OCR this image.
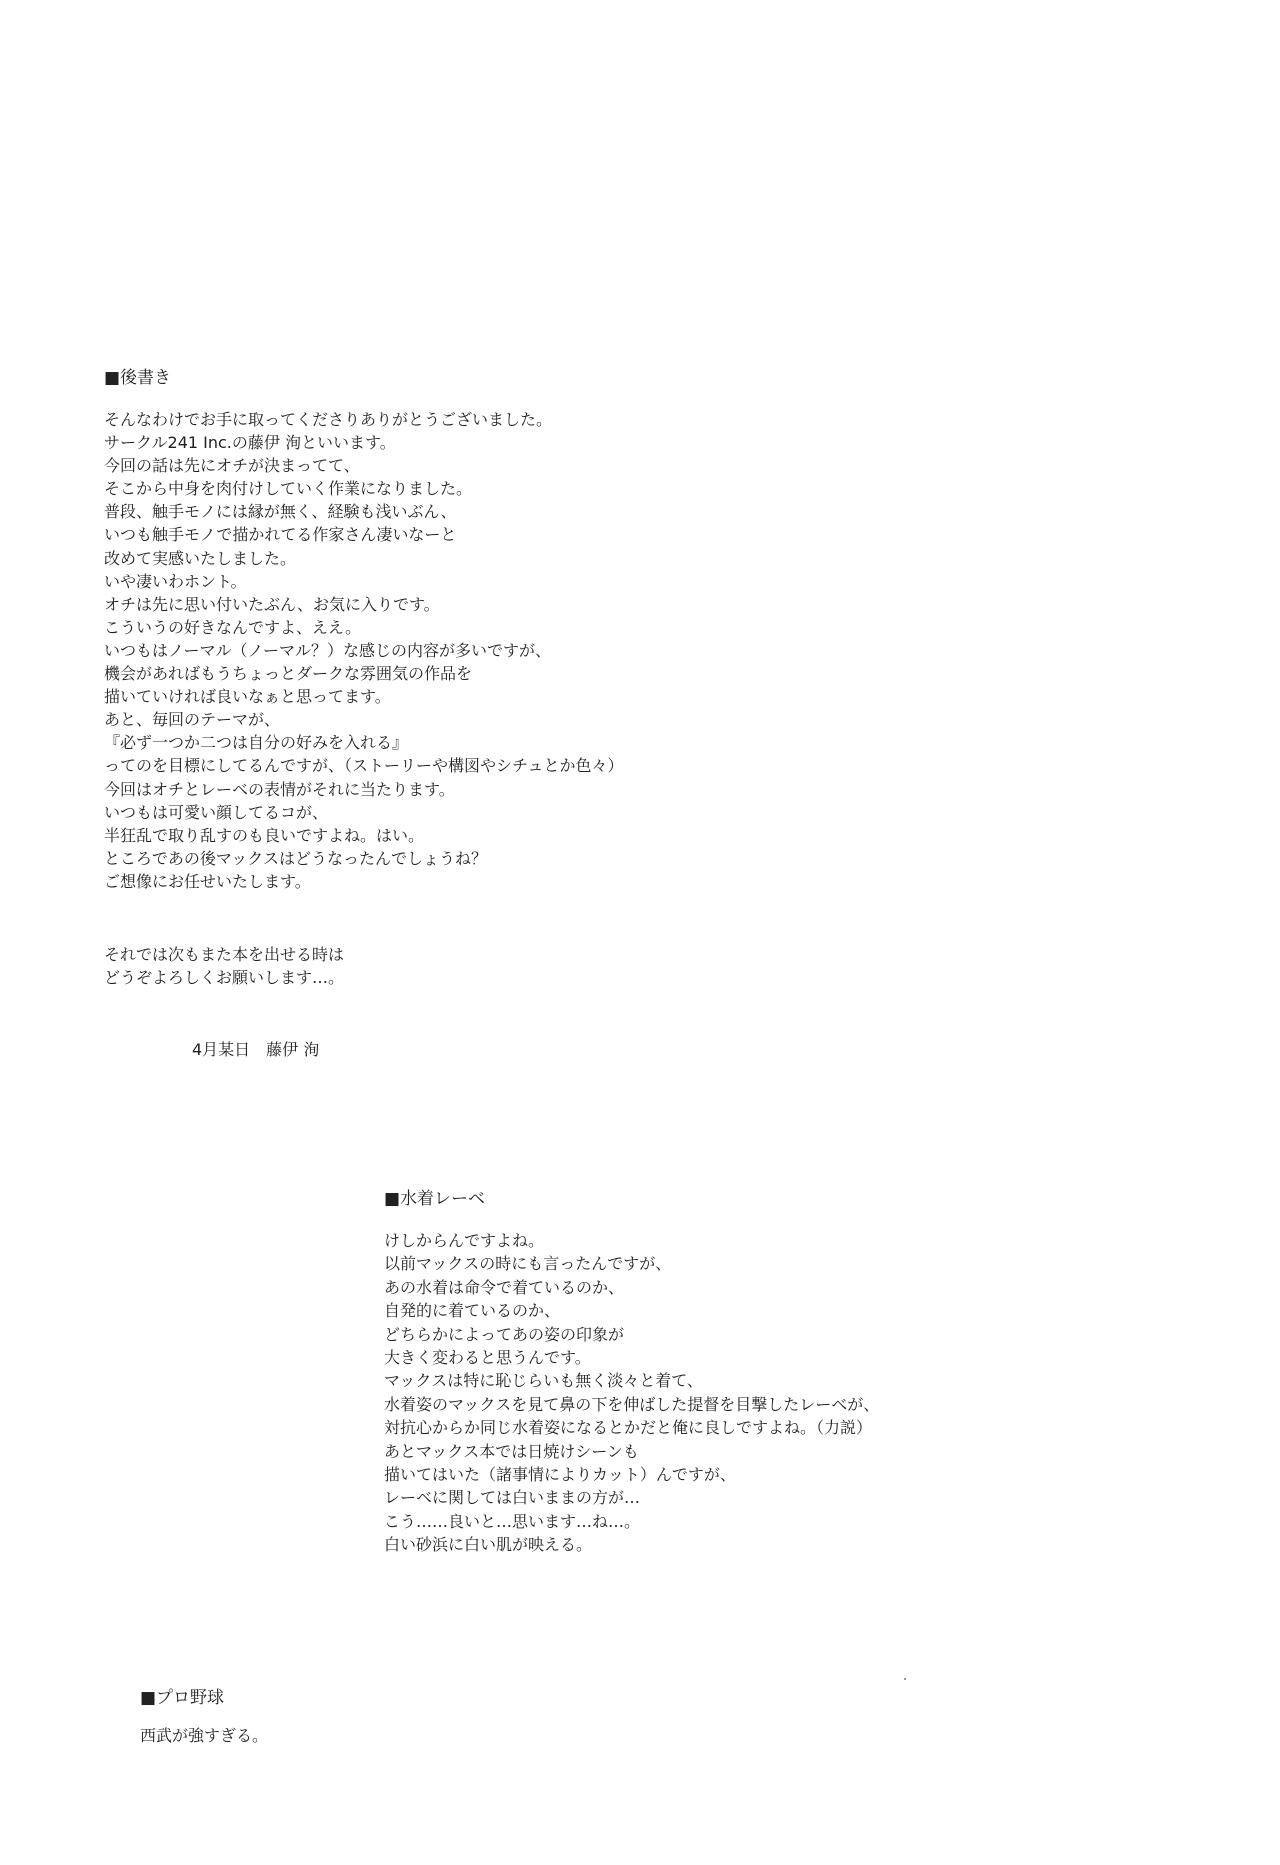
■後書き
そんなわけでお手に取ってくださりありがとうございました。
サークル241 Inc.の藤伊 洵といいます。
今回の話は先にオチが決まってて、
そこから中身を肉付けしていく作業になりました。
普段、触手モノには縁が無く、経験も浅いぶん、
いつも触手モノで描かれてる作家さん凄いなーと
改めて実感いたしました。
いや凄いわホント。
オチは先に思い付いたぶん、お気に入りです。
こういうの好きなんですよ、ええ。
いつもはノーマル（ノーマル？）な感じの内容が多いですが、
機会があればもうちょっとダークな雰囲気の作品を
描いていければ良いなぁと思ってます。
あと、毎回のテーマが、
『必ず一つか二つは自分の好みを入れる』
ってのを目標にしてるんですが、（ストーリーや構図やシチュとか色々）
今回はオチとレーベの表情がそれに当たります。
いつもは可愛い顔してるコが、
半狂乱で取り乱すのも良いですよね。はい。
ところであの後マックスはどうなったんでしょうね？
ご想像にお任せいたします。
それでは次もまた本を出せる時は
どうぞよろしくお願いします…。
4月某日　藤伊 洵
■水着レーベ
けしからんですよね。
以前マックスの時にも言ったんですが、
あの水着は命令で着ているのか、
自発的に着ているのか、
どちらかによってあの姿の印象が
大きく変わると思うんです。
マックスは特に恥じらいも無く淡々と着て、
水着姿のマックスを見て鼻の下を伸ばした提督を目撃したレーベが、
対抗心からか同じ水着姿になるとかだと俺に良しですよね。（力説）
あとマックス本では日焼けシーンも
描いてはいた（諸事情によりカット）んですが、
レーベに関しては白いままの方が…
こう……良いと…思います…ね…。
白い砂浜に白い肌が映える。
■プロ野球
西武が強すぎる。
